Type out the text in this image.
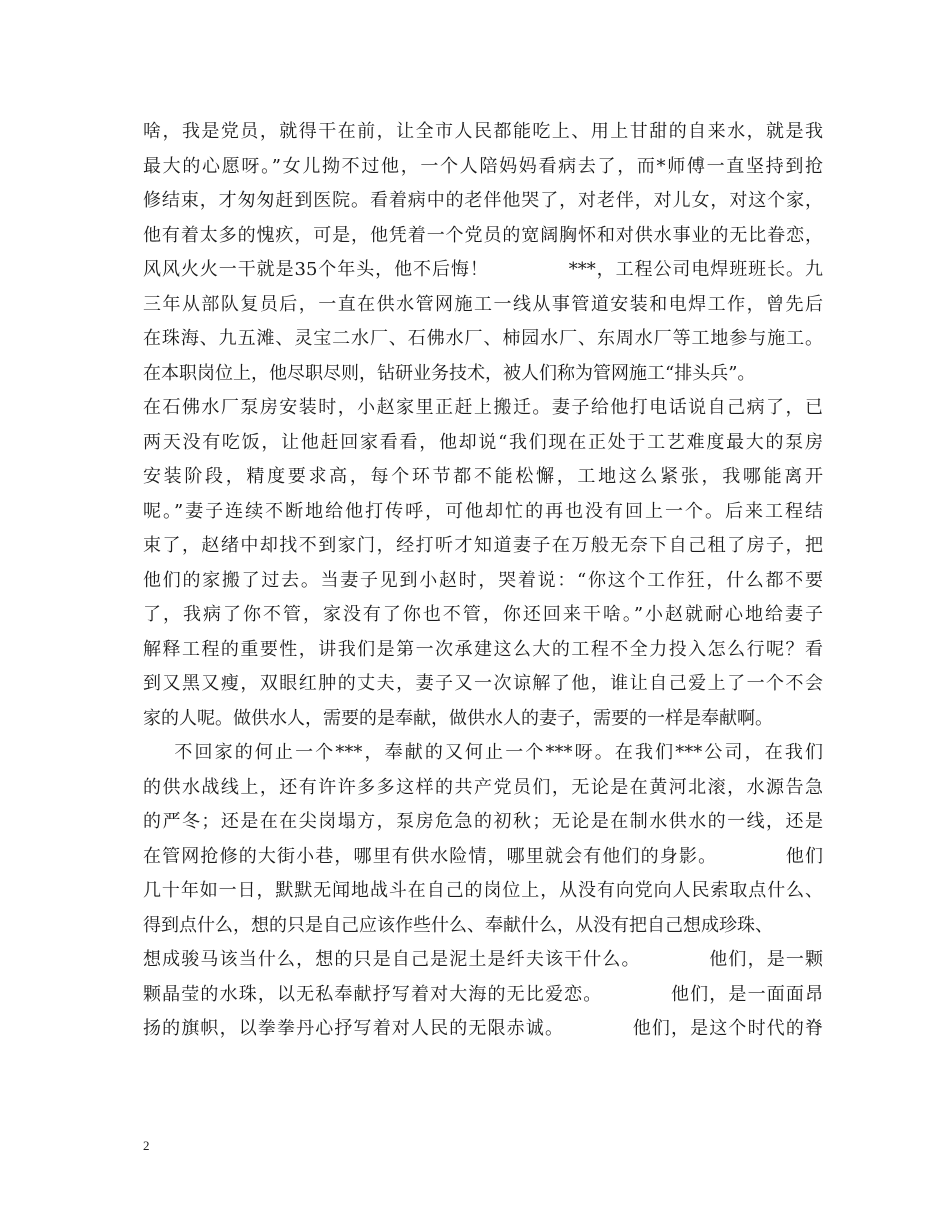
啥，我是党员，就得干在前，让全市人民都能吃上、用上甘甜的自来水，就是我
最大的心愿呀。”女儿拗不过他，一个人陪妈妈看病去了，而*师傅一直坚持到抢
修结束，才匆匆赶到医院。看着病中的老伴他哭了，对老伴，对儿女，对这个家，
他有着太多的愧疚，可是，他凭着一个党员的宽阔胸怀和对供水事业的无比眷恋，
风风火火一干就是35个年头，他不后悔！            ***，工程公司电焊班班长。九
三年从部队复员后，一直在供水管网施工一线从事管道安装和电焊工作，曾先后
在珠海、九五滩、灵宝二水厂、石佛水厂、柿园水厂、东周水厂等工地参与施工。
在本职岗位上，他尽职尽则，钻研业务技术，被人们称为管网施工“排头兵”。
在石佛水厂泵房安装时，小赵家里正赶上搬迁。妻子给他打电话说自己病了，已
两天没有吃饭，让他赶回家看看，他却说“我们现在正处于工艺难度最大的泵房
安装阶段，精度要求高，每个环节都不能松懈，工地这么紧张，我哪能离开
呢。”妻子连续不断地给他打传呼，可他却忙的再也没有回上一个。后来工程结
束了，赵绪中却找不到家门，经打听才知道妻子在万般无奈下自己租了房子，把
他们的家搬了过去。当妻子见到小赵时，哭着说：“你这个工作狂，什么都不要
了，我病了你不管，家没有了你也不管，你还回来干啥。”小赵就耐心地给妻子
解释工程的重要性，讲我们是第一次承建这么大的工程不全力投入怎么行呢？看
到又黑又瘦，双眼红肿的丈夫，妻子又一次谅解了他，谁让自己爱上了一个不会
家的人呢。做供水人，需要的是奉献，做供水人的妻子，需要的一样是奉献啊。
不回家的何止一个***，奉献的又何止一个***呀。在我们***公司，在我们
的供水战线上，还有许许多多这样的共产党员们，无论是在黄河北滚，水源告急
的严冬；还是在在尖岗塌方，泵房危急的初秋；无论是在制水供水的一线，还是
在管网抢修的大街小巷，哪里有供水险情，哪里就会有他们的身影。          他们
几十年如一日，默默无闻地战斗在自己的岗位上，从没有向党向人民索取点什么、
得到点什么，想的只是自己应该作些什么、奉献什么，从没有把自己想成珍珠、
想成骏马该当什么，想的只是自己是泥土是纤夫该干什么。          他们，是一颗
颗晶莹的水珠，以无私奉献抒写着对大海的无比爱恋。          他们，是一面面昂
扬的旗帜，以拳拳丹心抒写着对人民的无限赤诚。          他们，是这个时代的脊
2
